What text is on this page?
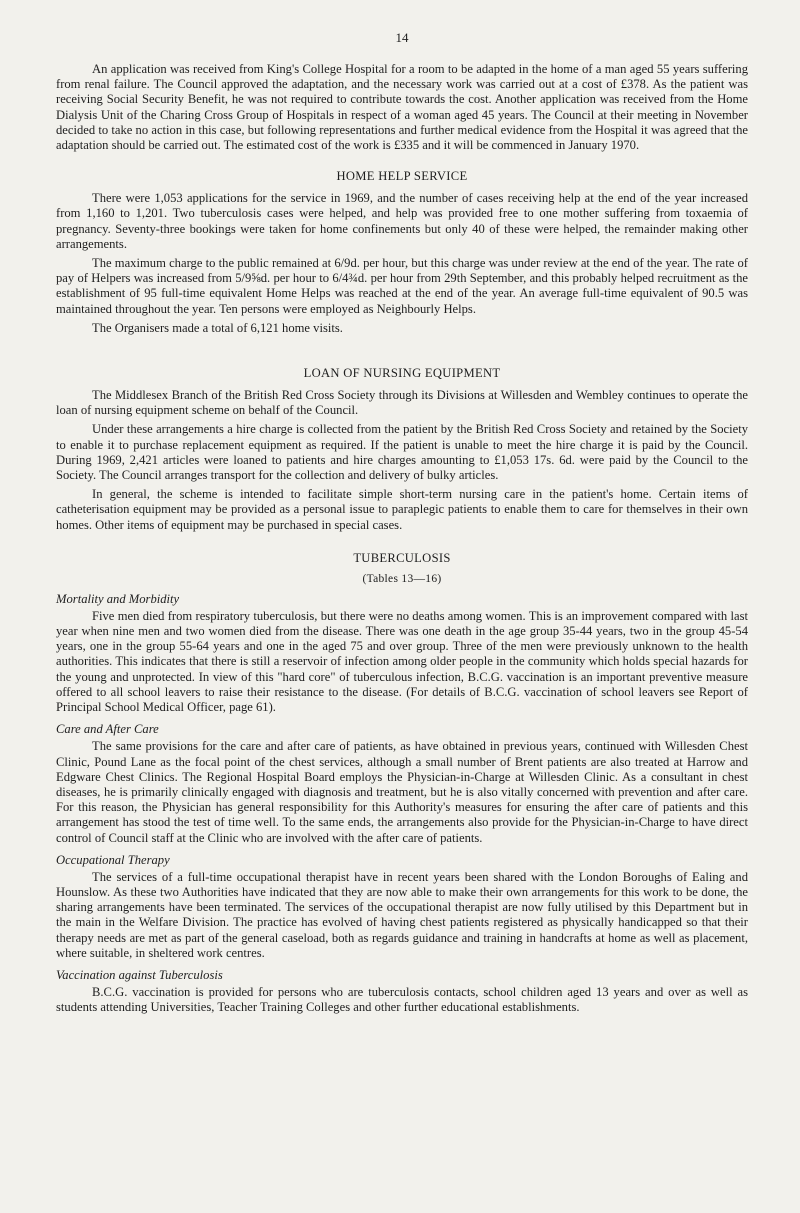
14

An application was received from King's College Hospital for a room to be adapted in the home of a man aged 55 years suffering from renal failure. The Council approved the adaptation, and the necessary work was carried out at a cost of £378. As the patient was receiving Social Security Benefit, he was not required to contribute towards the cost. Another application was received from the Home Dialysis Unit of the Charing Cross Group of Hospitals in respect of a woman aged 45 years. The Council at their meeting in November decided to take no action in this case, but following representations and further medical evidence from the Hospital it was agreed that the adaptation should be carried out. The estimated cost of the work is £335 and it will be commenced in January 1970.

HOME HELP SERVICE

There were 1,053 applications for the service in 1969, and the number of cases receiving help at the end of the year increased from 1,160 to 1,201. Two tuberculosis cases were helped, and help was provided free to one mother suffering from toxaemia of pregnancy. Seventy-three bookings were taken for home confinements but only 40 of these were helped, the remainder making other arrangements.

The maximum charge to the public remained at 6/9d. per hour, but this charge was under review at the end of the year. The rate of pay of Helpers was increased from 5/9⅝d. per hour to 6/4¾d. per hour from 29th September, and this probably helped recruitment as the establishment of 95 full-time equivalent Home Helps was reached at the end of the year. An average full-time equivalent of 90.5 was maintained throughout the year. Ten persons were employed as Neighbourly Helps.

The Organisers made a total of 6,121 home visits.

LOAN OF NURSING EQUIPMENT

The Middlesex Branch of the British Red Cross Society through its Divisions at Willesden and Wembley continues to operate the loan of nursing equipment scheme on behalf of the Council.

Under these arrangements a hire charge is collected from the patient by the British Red Cross Society and retained by the Society to enable it to purchase replacement equipment as required. If the patient is unable to meet the hire charge it is paid by the Council. During 1969, 2,421 articles were loaned to patients and hire charges amounting to £1,053 17s. 6d. were paid by the Council to the Society. The Council arranges transport for the collection and delivery of bulky articles.

In general, the scheme is intended to facilitate simple short-term nursing care in the patient's home. Certain items of catheterisation equipment may be provided as a personal issue to paraplegic patients to enable them to care for themselves in their own homes. Other items of equipment may be purchased in special cases.

TUBERCULOSIS
(Tables 13—16)
Mortality and Morbidity

Five men died from respiratory tuberculosis, but there were no deaths among women. This is an improvement compared with last year when nine men and two women died from the disease. There was one death in the age group 35-44 years, two in the group 45-54 years, one in the group 55-64 years and one in the aged 75 and over group. Three of the men were previously unknown to the health authorities. This indicates that there is still a reservoir of infection among older people in the community which holds special hazards for the young and unprotected. In view of this "hard core" of tuberculous infection, B.C.G. vaccination is an important preventive measure offered to all school leavers to raise their resistance to the disease. (For details of B.C.G. vaccination of school leavers see Report of Principal School Medical Officer, page 61).

Care and After Care

The same provisions for the care and after care of patients, as have obtained in previous years, continued with Willesden Chest Clinic, Pound Lane as the focal point of the chest services, although a small number of Brent patients are also treated at Harrow and Edgware Chest Clinics. The Regional Hospital Board employs the Physician-in-Charge at Willesden Clinic. As a consultant in chest diseases, he is primarily clinically engaged with diagnosis and treatment, but he is also vitally concerned with prevention and after care. For this reason, the Physician has general responsibility for this Authority's measures for ensuring the after care of patients and this arrangement has stood the test of time well. To the same ends, the arrangements also provide for the Physician-in-Charge to have direct control of Council staff at the Clinic who are involved with the after care of patients.

Occupational Therapy

The services of a full-time occupational therapist have in recent years been shared with the London Boroughs of Ealing and Hounslow. As these two Authorities have indicated that they are now able to make their own arrangements for this work to be done, the sharing arrangements have been terminated. The services of the occupational therapist are now fully utilised by this Department but in the main in the Welfare Division. The practice has evolved of having chest patients registered as physically handicapped so that their therapy needs are met as part of the general caseload, both as regards guidance and training in handcrafts at home as well as placement, where suitable, in sheltered work centres.

Vaccination against Tuberculosis

B.C.G. vaccination is provided for persons who are tuberculosis contacts, school children aged 13 years and over as well as students attending Universities, Teacher Training Colleges and other further educational establishments.
